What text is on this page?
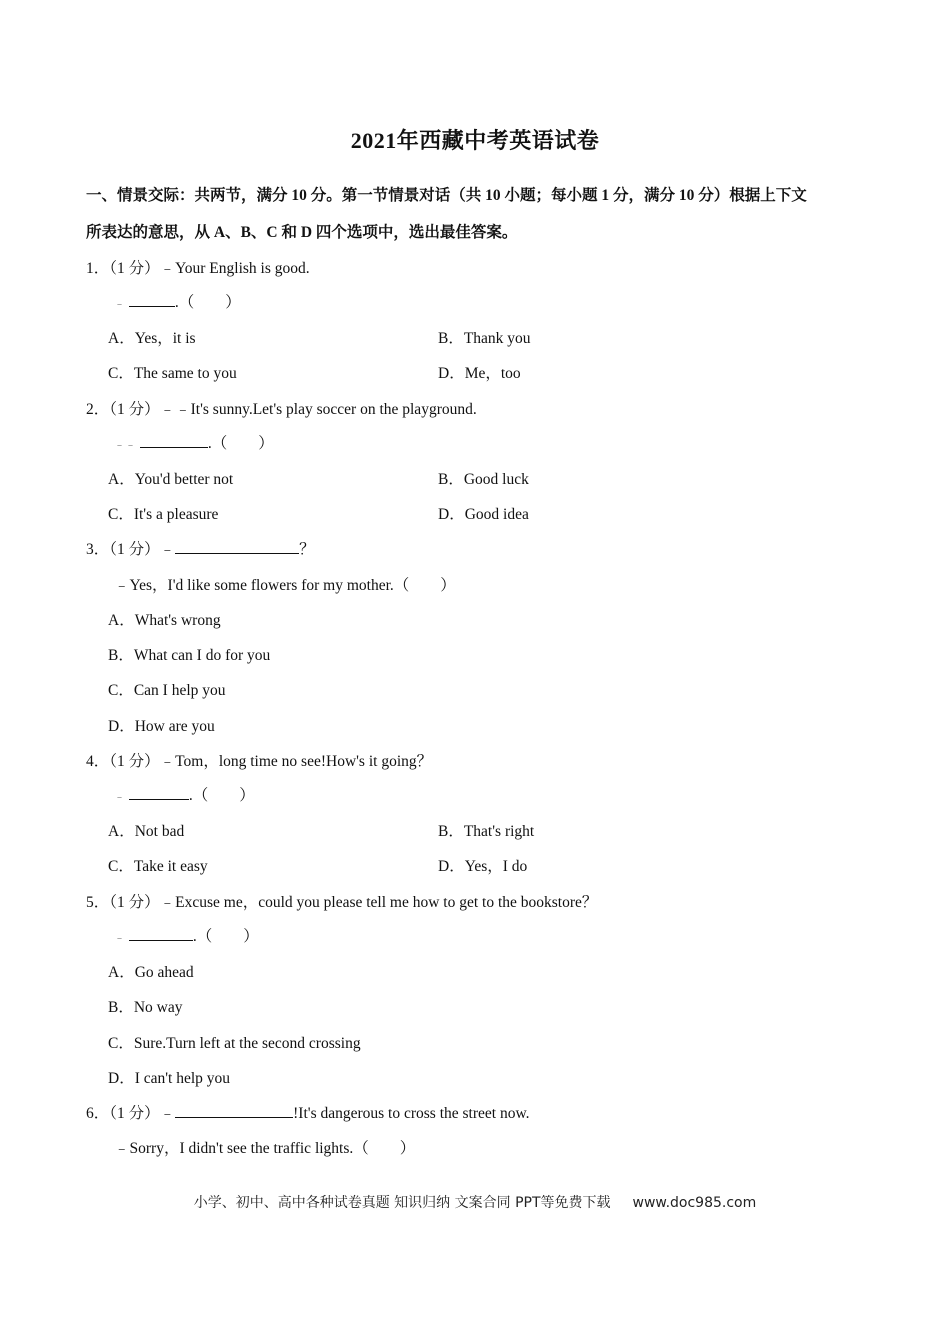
2021年西藏中考英语试卷
一、情景交际：共两节，满分 10 分。第一节情景对话（共 10 小题；每小题 1 分，满分 10 分）根据上下文
所表达的意思，从 A、B、C 和 D 四个选项中，选出最佳答案。
1．（1 分）﹣Your English is good.
﹣	.（　　）
A．Yes，it is	B．Thank you
C．The same to you	D．Me，too
2．（1 分）﹣﹣It's sunny.Let's play soccer on the playground.
﹣﹣	.（　　）
A．You'd better not	B．Good luck
C．It's a pleasure	D．Good idea
3．（1 分）﹣	？
﹣Yes，I'd like some flowers for my mother.（　　）
A．What's wrong
B．What can I do for you
C．Can I help you
D．How are you
4．（1 分）﹣Tom，long time no see!How's it going？
﹣	.（　　）
A．Not bad	B．That's right
C．Take it easy	D．Yes，I do
5．（1 分）﹣Excuse me，could you please tell me how to get to the bookstore？
﹣	.（　　）
A．Go ahead
B．No way
C．Sure.Turn left at the second crossing
D．I can't help you
6．（1 分）﹣	!It's dangerous to cross the street now.
﹣Sorry，I didn't see the traffic lights.（　　）
小学、初中、高中各种试卷真题 知识归纳 文案合同 PPT等免费下载 www.doc985.com
